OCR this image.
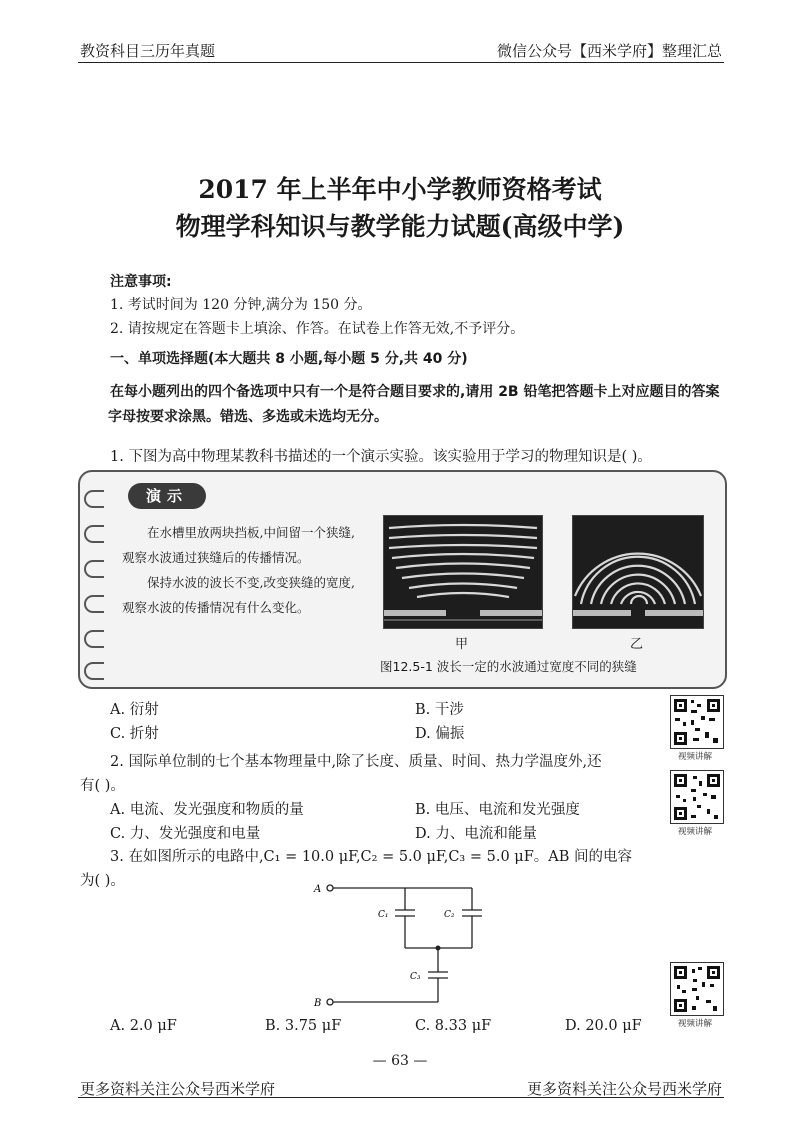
教资科目三历年真题	微信公众号【西米学府】整理汇总
2017 年上半年中小学教师资格考试
物理学科知识与教学能力试题(高级中学)
注意事项:
1. 考试时间为 120 分钟,满分为 150 分。
2. 请按规定在答题卡上填涂、作答。在试卷上作答无效,不予评分。
一、单项选择题(本大题共 8 小题,每小题 5 分,共 40 分)
在每小题列出的四个备选项中只有一个是符合题目要求的,请用 2B 铅笔把答题卡上对应题目的答案字母按要求涂黑。错选、多选或未选均无分。
1. 下图为高中物理某教科书描述的一个演示实验。该实验用于学习的物理知识是( )。
演示
在水槽里放两块挡板,中间留一个狭缝,观察水波通过狭缝后的传播情况。
保持水波的波长不变,改变狭缝的宽度,观察水波的传播情况有什么变化。
甲	乙
图12.5-1 波长一定的水波通过宽度不同的狭缝
A. 衍射	B. 干涉
C. 折射	D. 偏振
视频讲解
2. 国际单位制的七个基本物理量中,除了长度、质量、时间、热力学温度外,还
有( )。
A. 电流、发光强度和物质的量	B. 电压、电流和发光强度
C. 力、发光强度和电量	D. 力、电流和能量	视频讲解
3. 在如图所示的电路中,C₁ = 10.0 μF,C₂ = 5.0 μF,C₃ = 5.0 μF。AB 间的电容
为( )。
A
B
C₁	C₂
C₃
视频讲解
A. 2.0 μF	B. 3.75 μF	C. 8.33 μF	D. 20.0 μF
— 63 —
更多资料关注公众号西米学府	更多资料关注公众号西米学府
